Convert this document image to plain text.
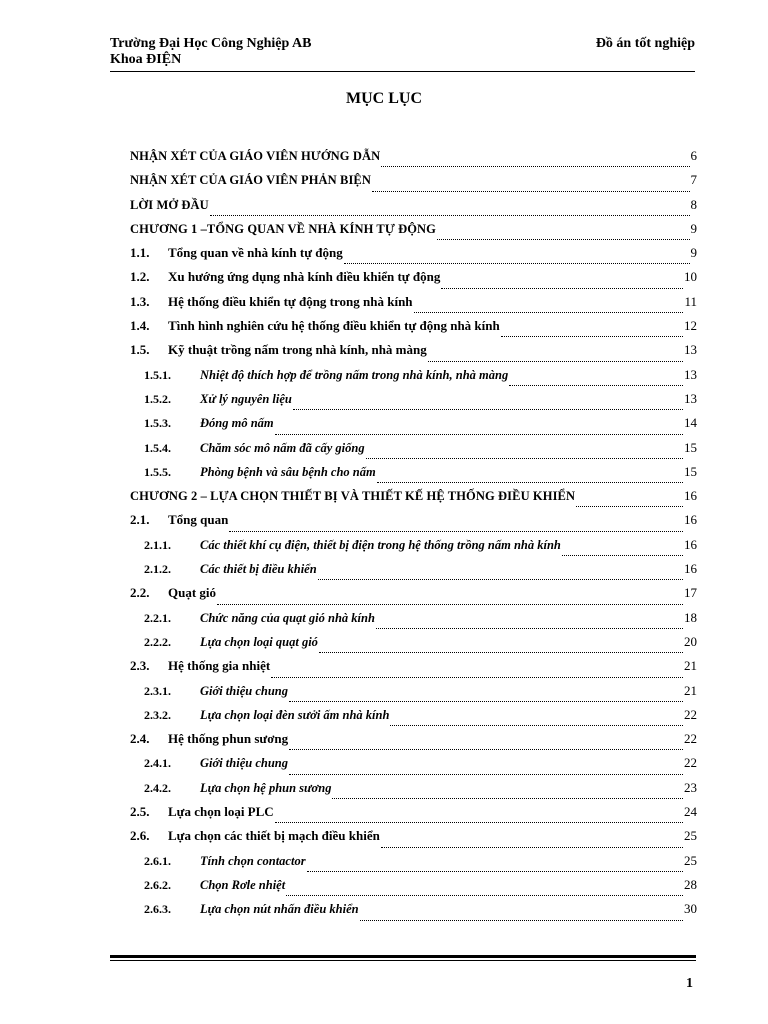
Trường Đại Học Công Nghiệp AB
Khoa ĐIỆN
Đồ án tốt nghiệp
MỤC LỤC
NHẬN XÉT CỦA GIÁO VIÊN HƯỚNG DẪN	6
NHẬN XÉT CỦA GIÁO VIÊN PHẢN BIỆN	7
LỜI MỞ ĐẦU	8
CHƯƠNG 1 –TỔNG QUAN VỀ NHÀ KÍNH TỰ ĐỘNG	9
1.1.	Tổng quan về nhà kính tự động	9
1.2.	Xu hướng ứng dụng nhà kính điều khiển tự động	10
1.3.	Hệ thống điều khiển tự động trong nhà kính	11
1.4.	Tình hình nghiên cứu hệ thống điều khiển tự động nhà kính	12
1.5.	Kỹ thuật trồng nấm trong nhà kính, nhà màng	13
1.5.1.	Nhiệt độ thích hợp để trồng nấm trong nhà kính, nhà màng	13
1.5.2.	Xử lý nguyên liệu	13
1.5.3.	Đóng mô nấm	14
1.5.4.	Chăm sóc mô nấm đã cấy giống	15
1.5.5.	Phòng bệnh và sâu bệnh cho nấm	15
CHƯƠNG 2 – LỰA CHỌN THIẾT BỊ VÀ THIẾT KẾ HỆ THỐNG ĐIỀU KHIỂN	16
2.1.	Tổng quan	16
2.1.1.	Các thiết khí cụ điện, thiết bị điện trong hệ thống trồng nấm nhà kính	16
2.1.2.	Các thiết bị điều khiển	16
2.2.	Quạt gió	17
2.2.1.	Chức năng của quạt gió nhà kính	18
2.2.2.	Lựa chọn loại quạt gió	20
2.3.	Hệ thống gia nhiệt	21
2.3.1.	Giới thiệu chung	21
2.3.2.	Lựa chọn loại đèn sưởi ấm nhà kính	22
2.4.	Hệ thống phun sương	22
2.4.1.	Giới thiệu chung	22
2.4.2.	Lựa chọn hệ phun sương	23
2.5.	Lựa chọn loại PLC	24
2.6.	Lựa chọn các thiết bị mạch điều khiển	25
2.6.1.	Tính chọn contactor	25
2.6.2.	Chọn Rơle nhiệt	28
2.6.3.	Lựa chọn nút nhấn điều khiển	30
1
